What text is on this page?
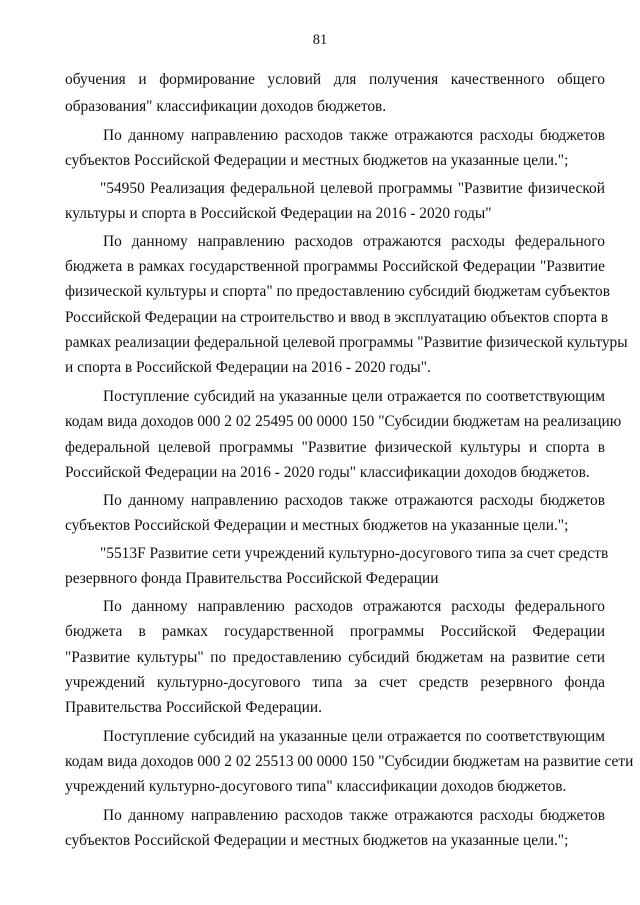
81
обучения и формирование условий для получения качественного общего
образования" классификации доходов бюджетов.
По данному направлению расходов также отражаются расходы бюджетов
субъектов Российской Федерации и местных бюджетов на указанные цели.";
"54950 Реализация федеральной целевой программы "Развитие физической
культуры и спорта в Российской Федерации на 2016 - 2020 годы"
По данному направлению расходов отражаются расходы федерального
бюджета в рамках государственной программы Российской Федерации "Развитие
физической культуры и спорта" по предоставлению субсидий бюджетам субъектов
Российской Федерации на строительство и ввод в эксплуатацию объектов спорта в
рамках реализации федеральной целевой программы "Развитие физической культуры
и спорта в Российской Федерации на 2016 - 2020 годы".
Поступление субсидий на указанные цели отражается по соответствующим
кодам вида доходов 000 2 02 25495 00 0000 150 "Субсидии бюджетам на реализацию
федеральной целевой программы "Развитие физической культуры и спорта в
Российской Федерации на 2016 - 2020 годы" классификации доходов бюджетов.
По данному направлению расходов также отражаются расходы бюджетов
субъектов Российской Федерации и местных бюджетов на указанные цели.";
"5513F Развитие сети учреждений культурно-досугового типа за счет средств
резервного фонда Правительства Российской Федерации
По данному направлению расходов отражаются расходы федерального
бюджета в рамках государственной программы Российской Федерации
"Развитие культуры" по предоставлению субсидий бюджетам на развитие сети
учреждений культурно-досугового типа за счет средств резервного фонда
Правительства Российской Федерации.
Поступление субсидий на указанные цели отражается по соответствующим
кодам вида доходов 000 2 02 25513 00 0000 150 "Субсидии бюджетам на развитие сети
учреждений культурно-досугового типа" классификации доходов бюджетов.
По данному направлению расходов также отражаются расходы бюджетов
субъектов Российской Федерации и местных бюджетов на указанные цели.";
